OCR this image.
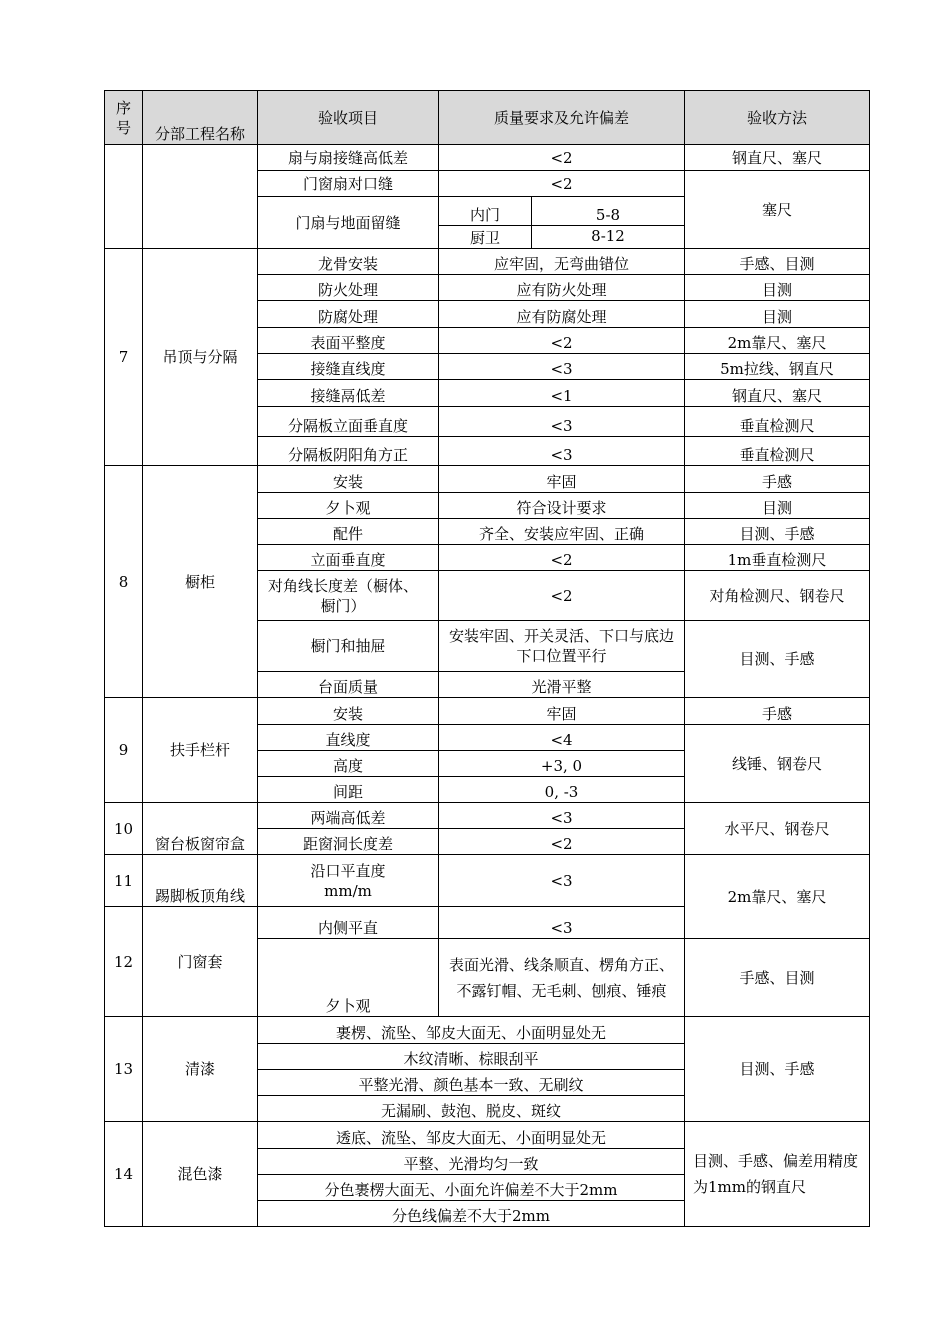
序号	分部工程名称	验收项目	质量要求及允许偏差		验收方法
		扇与扇接缝高低差	<2		钢直尺、塞尺
		门窗扇对口缝	<2		塞尺
		门扇与地面留缝	内门	5-8	
			厨卫	8-12	
7	吊顶与分隔	龙骨安装	应牢固，无弯曲错位		手感、目测
		防火处理	应有防火处理		目测
		防腐处理	应有防腐处理		目测
		表面平整度	<2		2m靠尺、塞尺
		接缝直线度	<3		5m拉线、钢直尺
		接缝鬲低差	<1		钢直尺、塞尺
		分隔板立面垂直度	<3		垂直检测尺
		分隔板阴阳角方正	<3		垂直检测尺
8	橱柜	安装	牢固		手感
		夕卜观	符合设计要求		目测
		配件	齐全、安装应牢固、正确		目测、手感
		立面垂直度	<2		1m垂直检测尺
		对角线长度差（橱体、橱门）	<2		对角检测尺、钢卷尺
		橱门和抽屉	安装牢固、开关灵活、下口与底边下口位置平行		目测、手感
		台面质量	光滑平整		
9	扶手栏杆	安装	牢固		手感
		直线度	<4		线锤、钢卷尺
		高度	+3, 0		
		间距	0, -3		
10	窗台板窗帘盒	两端高低差	<3		水平尺、钢卷尺
		距窗洞长度差	<2		
11	踢脚板顶角线	沿口平直度 mm/m	<3		2m靠尺、塞尺
12	门窗套	内侧平直	<3		
		夕卜观	表面光滑、线条顺直、楞角方正、不露钉帽、无毛刺、刨痕、锤痕		手感、目测
13	清漆	裹楞、流坠、邹皮大面无、小面明显处无			目测、手感
		木纹清晰、棕眼刮平			
		平整光滑、颜色基本一致、无刷纹			
		无漏刷、鼓泡、脱皮、斑纹			
14	混色漆	透底、流坠、邹皮大面无、小面明显处无			目测、手感、偏差用精度为1mm的钢直尺
		平整、光滑均匀一致			
		分色裹楞大面无、小面允许偏差不大于2mm			
		分色线偏差不大于2mm			
